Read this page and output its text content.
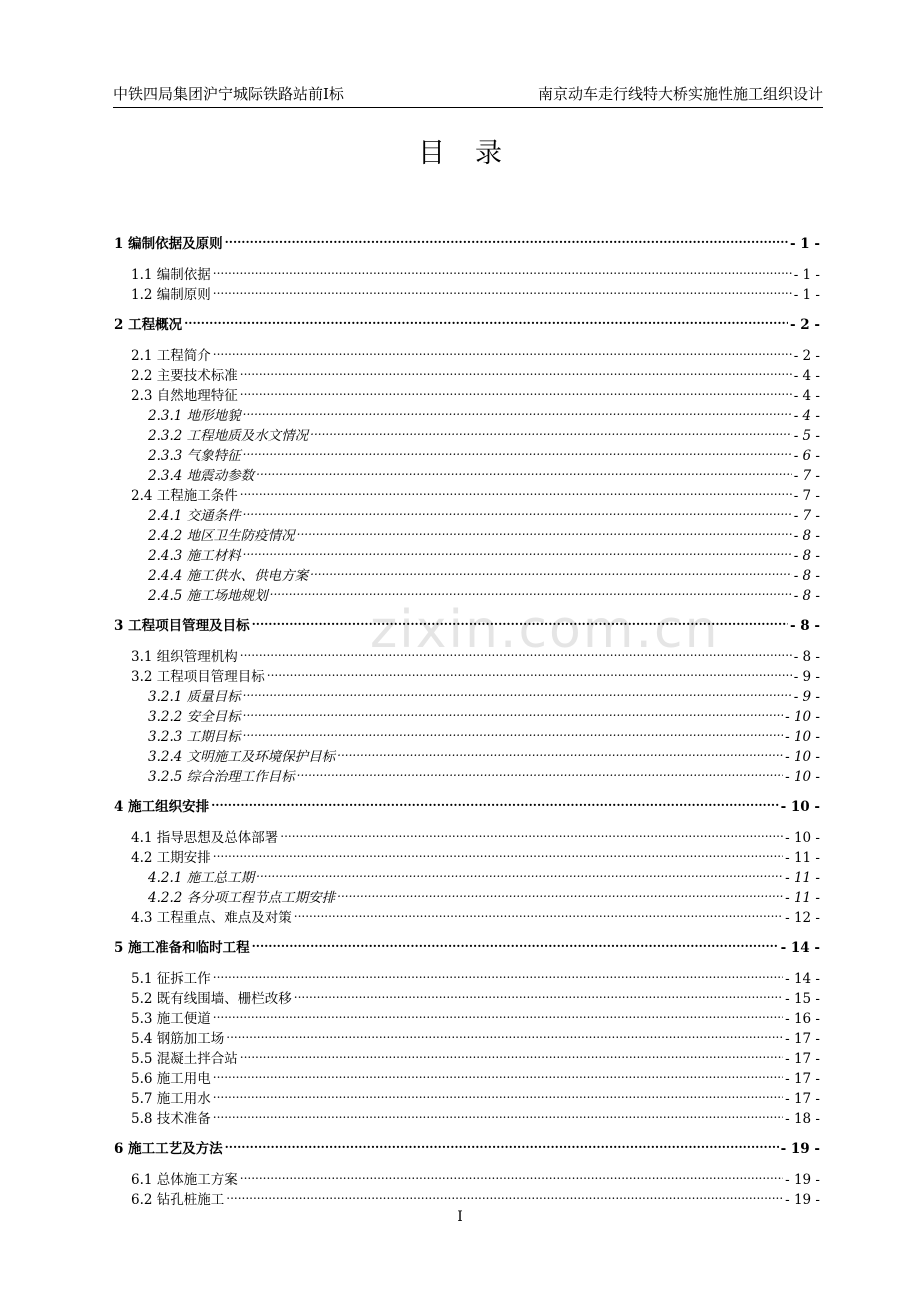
中铁四局集团沪宁城际铁路站前Ⅰ标	南京动车走行线特大桥实施性施工组织设计
目录
zixin.com.cn
1 编制依据及原则 .....	- 1 -
1.1 编制依据 .....	- 1 -
1.2 编制原则 .....	- 1 -
2 工程概况 .....	- 2 -
2.1 工程简介 .....	- 2 -
2.2 主要技术标准 .....	- 4 -
2.3 自然地理特征 .....	- 4 -
2.3.1 地形地貌 .....	- 4 -
2.3.2 工程地质及水文情况 .....	- 5 -
2.3.3 气象特征 .....	- 6 -
2.3.4 地震动参数 .....	- 7 -
2.4 工程施工条件 .....	- 7 -
2.4.1 交通条件 .....	- 7 -
2.4.2 地区卫生防疫情况 .....	- 8 -
2.4.3 施工材料 .....	- 8 -
2.4.4 施工供水、供电方案 .....	- 8 -
2.4.5 施工场地规划 .....	- 8 -
3 工程项目管理及目标 .....	- 8 -
3.1 组织管理机构 .....	- 8 -
3.2 工程项目管理目标 .....	- 9 -
3.2.1 质量目标 .....	- 9 -
3.2.2 安全目标 .....	- 10 -
3.2.3 工期目标 .....	- 10 -
3.2.4 文明施工及环境保护目标 .....	- 10 -
3.2.5 综合治理工作目标 .....	- 10 -
4 施工组织安排 .....	- 10 -
4.1 指导思想及总体部署 .....	- 10 -
4.2 工期安排 .....	- 11 -
4.2.1 施工总工期 .....	- 11 -
4.2.2 各分项工程节点工期安排 .....	- 11 -
4.3 工程重点、难点及对策 .....	- 12 -
5 施工准备和临时工程 .....	- 14 -
5.1 征拆工作 .....	- 14 -
5.2 既有线围墙、栅栏改移 .....	- 15 -
5.3 施工便道 .....	- 16 -
5.4 钢筋加工场 .....	- 17 -
5.5 混凝土拌合站 .....	- 17 -
5.6 施工用电 .....	- 17 -
5.7 施工用水 .....	- 17 -
5.8 技术准备 .....	- 18 -
6 施工工艺及方法 .....	- 19 -
6.1 总体施工方案 .....	- 19 -
6.2 钻孔桩施工 .....	- 19 -
I
